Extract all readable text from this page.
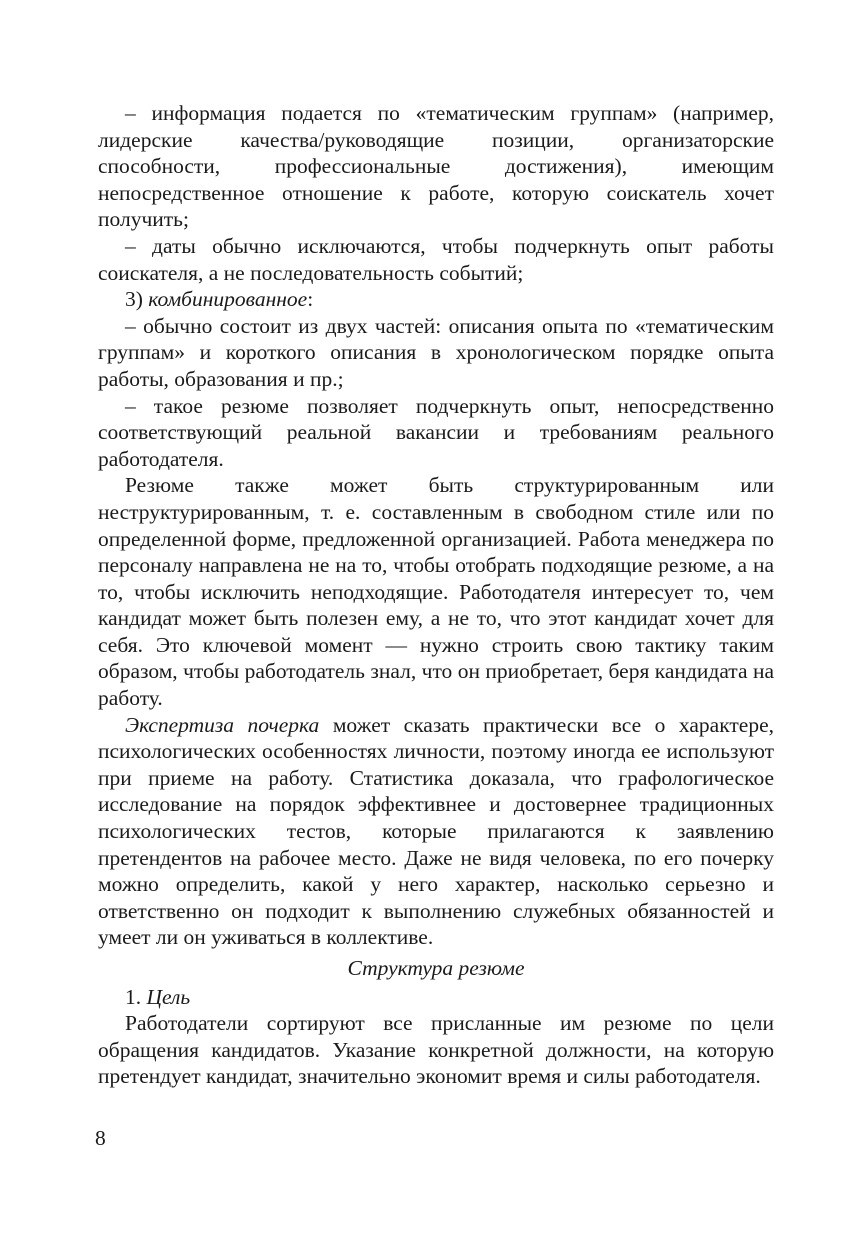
– информация подается по «тематическим группам» (например, лидерские качества/руководящие позиции, организаторские способности, профессиональные достижения), имеющим непосредственное отношение к работе, которую соискатель хочет получить;

– даты обычно исключаются, чтобы подчеркнуть опыт работы соискателя, а не последовательность событий;

3) комбинированное:

– обычно состоит из двух частей: описания опыта по «тематическим группам» и короткого описания в хронологическом порядке опыта работы, образования и пр.;

– такое резюме позволяет подчеркнуть опыт, непосредственно соответствующий реальной вакансии и требованиям реального работодателя.

Резюме также может быть структурированным или неструктурированным, т. е. составленным в свободном стиле или по определенной форме, предложенной организацией. Работа менеджера по персоналу направлена не на то, чтобы отобрать подходящие резюме, а на то, чтобы исключить неподходящие. Работодателя интересует то, чем кандидат может быть полезен ему, а не то, что этот кандидат хочет для себя. Это ключевой момент — нужно строить свою тактику таким образом, чтобы работодатель знал, что он приобретает, беря кандидата на работу.

Экспертиза почерка может сказать практически все о характере, психологических особенностях личности, поэтому иногда ее используют при приеме на работу. Статистика доказала, что графологическое исследование на порядок эффективнее и достовернее традиционных психологических тестов, которые прилагаются к заявлению претендентов на рабочее место. Даже не видя человека, по его почерку можно определить, какой у него характер, насколько серьезно и ответственно он подходит к выполнению служебных обязанностей и умеет ли он уживаться в коллективе.

Структура резюме

1. Цель

Работодатели сортируют все присланные им резюме по цели обращения кандидатов. Указание конкретной должности, на которую претендует кандидат, значительно экономит время и силы работодателя.

8
